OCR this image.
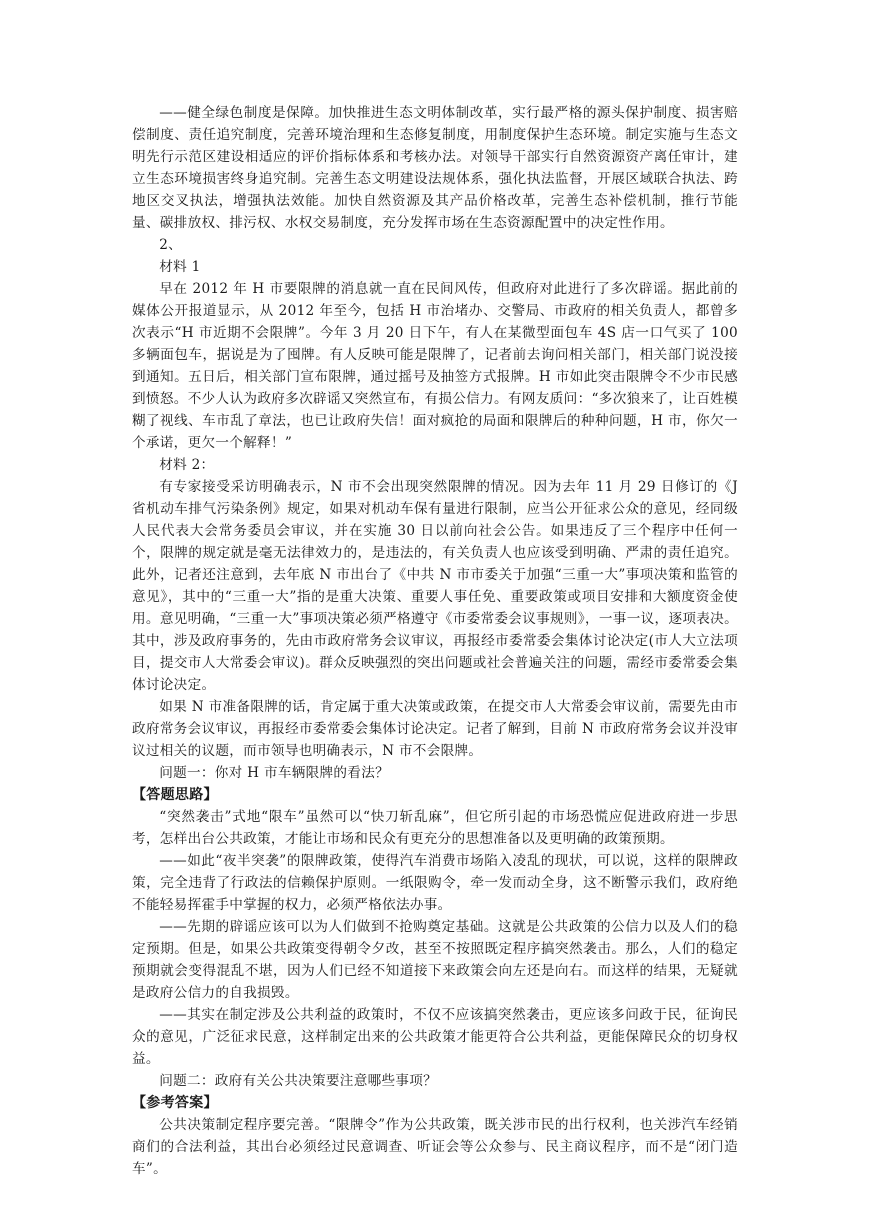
——健全绿色制度是保障。加快推进生态文明体制改革，实行最严格的源头保护制度、损害赔偿制度、责任追究制度，完善环境治理和生态修复制度，用制度保护生态环境。制定实施与生态文明先行示范区建设相适应的评价指标体系和考核办法。对领导干部实行自然资源资产离任审计，建立生态环境损害终身追究制。完善生态文明建设法规体系，强化执法监督，开展区域联合执法、跨地区交叉执法，增强执法效能。加快自然资源及其产品价格改革，完善生态补偿机制，推行节能量、碳排放权、排污权、水权交易制度，充分发挥市场在生态资源配置中的决定性作用。

2、

材料 1

早在 2012 年 H 市要限牌的消息就一直在民间风传，但政府对此进行了多次辟谣。据此前的媒体公开报道显示，从 2012 年至今，包括 H 市治堵办、交警局、市政府的相关负责人，都曾多次表示“H 市近期不会限牌”。今年 3 月 20 日下午，有人在某微型面包车 4S 店一口气买了 100 多辆面包车，据说是为了囤牌。有人反映可能是限牌了，记者前去询问相关部门，相关部门说没接到通知。五日后，相关部门宣布限牌，通过摇号及抽签方式报牌。H 市如此突击限牌令不少市民感到愤怒。不少人认为政府多次辟谣又突然宣布，有损公信力。有网友质问：“多次狼来了，让百姓模糊了视线、车市乱了章法，也已让政府失信！面对疯抢的局面和限牌后的种种问题，H 市，你欠一个承诺，更欠一个解释！”

材料 2：

有专家接受采访明确表示，N 市不会出现突然限牌的情况。因为去年 11 月 29 日修订的《J 省机动车排气污染条例》规定，如果对机动车保有量进行限制，应当公开征求公众的意见，经同级人民代表大会常务委员会审议，并在实施 30 日以前向社会公告。如果违反了三个程序中任何一个，限牌的规定就是毫无法律效力的，是违法的，有关负责人也应该受到明确、严肃的责任追究。此外，记者还注意到，去年底 N 市出台了《中共 N 市市委关于加强“三重一大”事项决策和监管的意见》，其中的“三重一大”指的是重大决策、重要人事任免、重要政策或项目安排和大额度资金使用。意见明确，“三重一大”事项决策必须严格遵守《市委常委会议事规则》，一事一议，逐项表决。其中，涉及政府事务的，先由市政府常务会议审议，再报经市委常委会集体讨论决定(市人大立法项目，提交市人大常委会审议)。群众反映强烈的突出问题或社会普遍关注的问题，需经市委常委会集体讨论决定。

如果 N 市准备限牌的话，肯定属于重大决策或政策，在提交市人大常委会审议前，需要先由市政府常务会议审议，再报经市委常委会集体讨论决定。记者了解到，目前 N 市政府常务会议并没审议过相关的议题，而市领导也明确表示，N 市不会限牌。

问题一：你对 H 市车辆限牌的看法？

【答题思路】

“突然袭击”式地“限车”虽然可以“快刀斩乱麻”，但它所引起的市场恐慌应促进政府进一步思考，怎样出台公共政策，才能让市场和民众有更充分的思想准备以及更明确的政策预期。

——如此“夜半突袭”的限牌政策，使得汽车消费市场陷入凌乱的现状，可以说，这样的限牌政策，完全违背了行政法的信赖保护原则。一纸限购令，牵一发而动全身，这不断警示我们，政府绝不能轻易挥霍手中掌握的权力，必须严格依法办事。

——先期的辟谣应该可以为人们做到不抢购奠定基础。这就是公共政策的公信力以及人们的稳定预期。但是，如果公共政策变得朝令夕改，甚至不按照既定程序搞突然袭击。那么，人们的稳定预期就会变得混乱不堪，因为人们已经不知道接下来政策会向左还是向右。而这样的结果，无疑就是政府公信力的自我损毁。

——其实在制定涉及公共利益的政策时，不仅不应该搞突然袭击，更应该多问政于民，征询民众的意见，广泛征求民意，这样制定出来的公共政策才能更符合公共利益，更能保障民众的切身权益。

问题二：政府有关公共决策要注意哪些事项？

【参考答案】

公共决策制定程序要完善。“限牌令”作为公共政策，既关涉市民的出行权利，也关涉汽车经销商们的合法利益，其出台必须经过民意调查、听证会等公众参与、民主商议程序，而不是“闭门造车”。
